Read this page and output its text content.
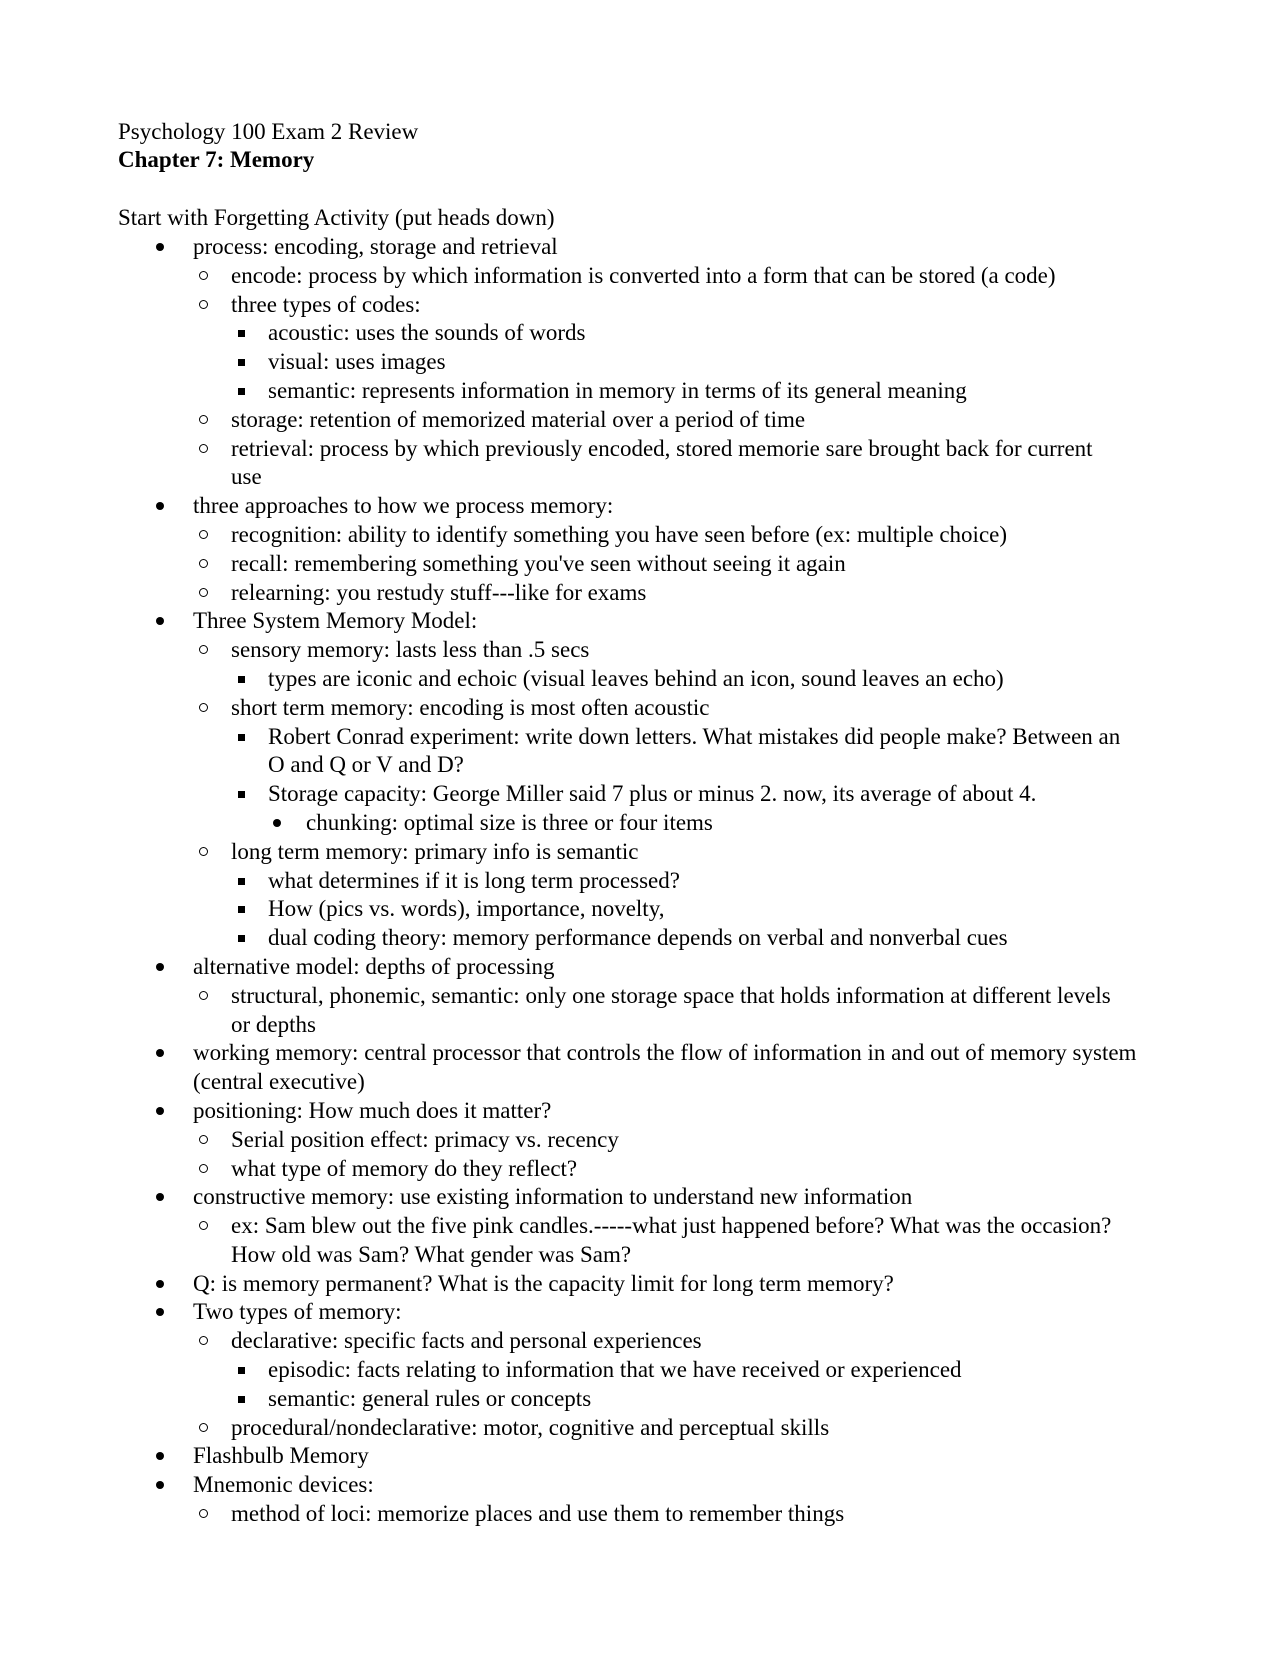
Psychology 100 Exam 2 Review
Chapter 7: Memory
Start with Forgetting Activity (put heads down)
process: encoding, storage and retrieval
encode: process by which information is converted into a form that can be stored (a code)
three types of codes:
acoustic: uses the sounds of words
visual: uses images
semantic: represents information in memory in terms of its general meaning
storage: retention of memorized material over a period of time
retrieval: process by which previously encoded, stored memorie sare brought back for current use
three approaches to how we process memory:
recognition: ability to identify something you have seen before (ex: multiple choice)
recall: remembering something you've seen without seeing it again
relearning: you restudy stuff---like for exams
Three System Memory Model:
sensory memory: lasts less than .5 secs
types are iconic and echoic (visual leaves behind an icon, sound leaves an echo)
short term memory: encoding is most often acoustic
Robert Conrad experiment: write down letters. What mistakes did people make? Between an O and Q or V and D?
Storage capacity: George Miller said 7 plus or minus 2. now, its average of about 4.
chunking: optimal size is three or four items
long term memory: primary info is semantic
what determines if it is long term processed?
How (pics vs. words), importance, novelty,
dual coding theory: memory performance depends on verbal and nonverbal cues
alternative model: depths of processing
structural, phonemic, semantic: only one storage space that holds information at different levels or depths
working memory: central processor that controls the flow of information in and out of memory system (central executive)
positioning: How much does it matter?
Serial position effect: primacy vs. recency
what type of memory do they reflect?
constructive memory: use existing information to understand new information
ex: Sam blew out the five pink candles.-----what just happened before? What was the occasion? How old was Sam? What gender was Sam?
Q: is memory permanent? What is the capacity limit for long term memory?
Two types of memory:
declarative: specific facts and personal experiences
episodic: facts relating to information that we have received or experienced
semantic: general rules or concepts
procedural/nondeclarative: motor, cognitive and perceptual skills
Flashbulb Memory
Mnemonic devices:
method of loci: memorize places and use them to remember things
